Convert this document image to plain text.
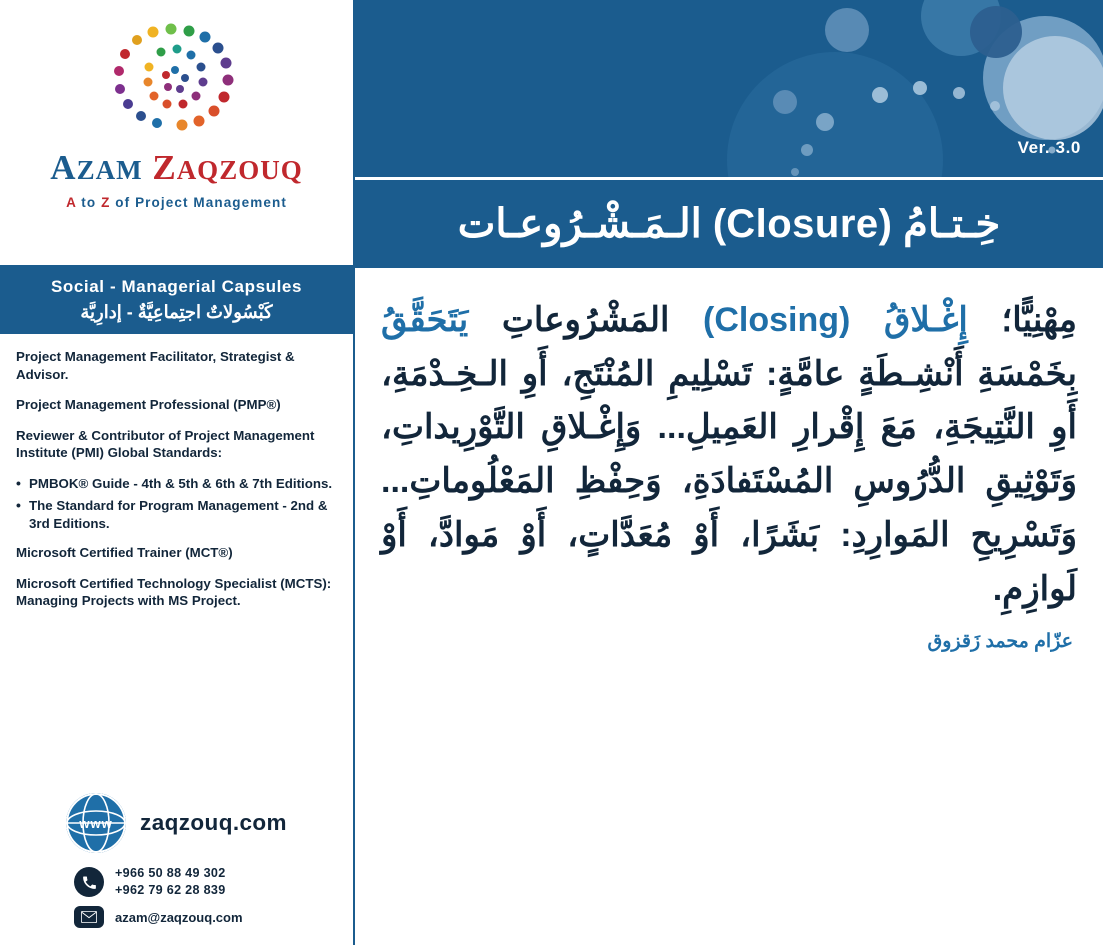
AZAM ZAQZOUQ
A to Z of Project Management
Social - Managerial Capsules
كَبْسُولاتٌ اجتِماعِيَّةٌ - إدارِيَّة

Project Management Facilitator, Strategist & Advisor.

Project Management Professional (PMP®)

Reviewer & Contributor of Project Management Institute (PMI) Global Standards:

• PMBOK® Guide - 4th & 5th & 6th & 7th Editions.
• The Standard for Program Management - 2nd & 3rd Editions.

Microsoft Certified Trainer (MCT®)

Microsoft Certified Technology Specialist (MCTS): Managing Projects with MS Project.

www zaqzouq.com
+966 50 88 49 302
+962 79 62 28 839
azam@zaqzouq.com
Ver. 3.0
خِـتـامُ (Closure) الـمَـشْـرُوعـات
مِهْنِيًّا؛ إِغْـلاقُ (Closing) المَشْرُوعاتِ يَتَحَقَّقُ بِخَمْسَةِ أَنْشِـطَةٍ عامَّةٍ: تَسْلِيمِ المُنْتَجِ، أَوِ الـخِـدْمَةِ، أَوِ النَّتِيجَةِ، مَعَ إِقْرارِ العَمِيلِ... وَإِغْـلاقِ التَّوْرِيداتِ، وَتَوْثِيقِ الدُّرُوسِ المُسْتَفادَةِ، وَحِفْظِ المَعْلُوماتِ... وَتَسْرِيحِ المَوارِدِ: بَشَرًا، أَوْ مُعَدَّاتٍ، أَوْ مَوادَّ، أَوْ لَوازِمِ.
عزّام محمد زَقزوق
